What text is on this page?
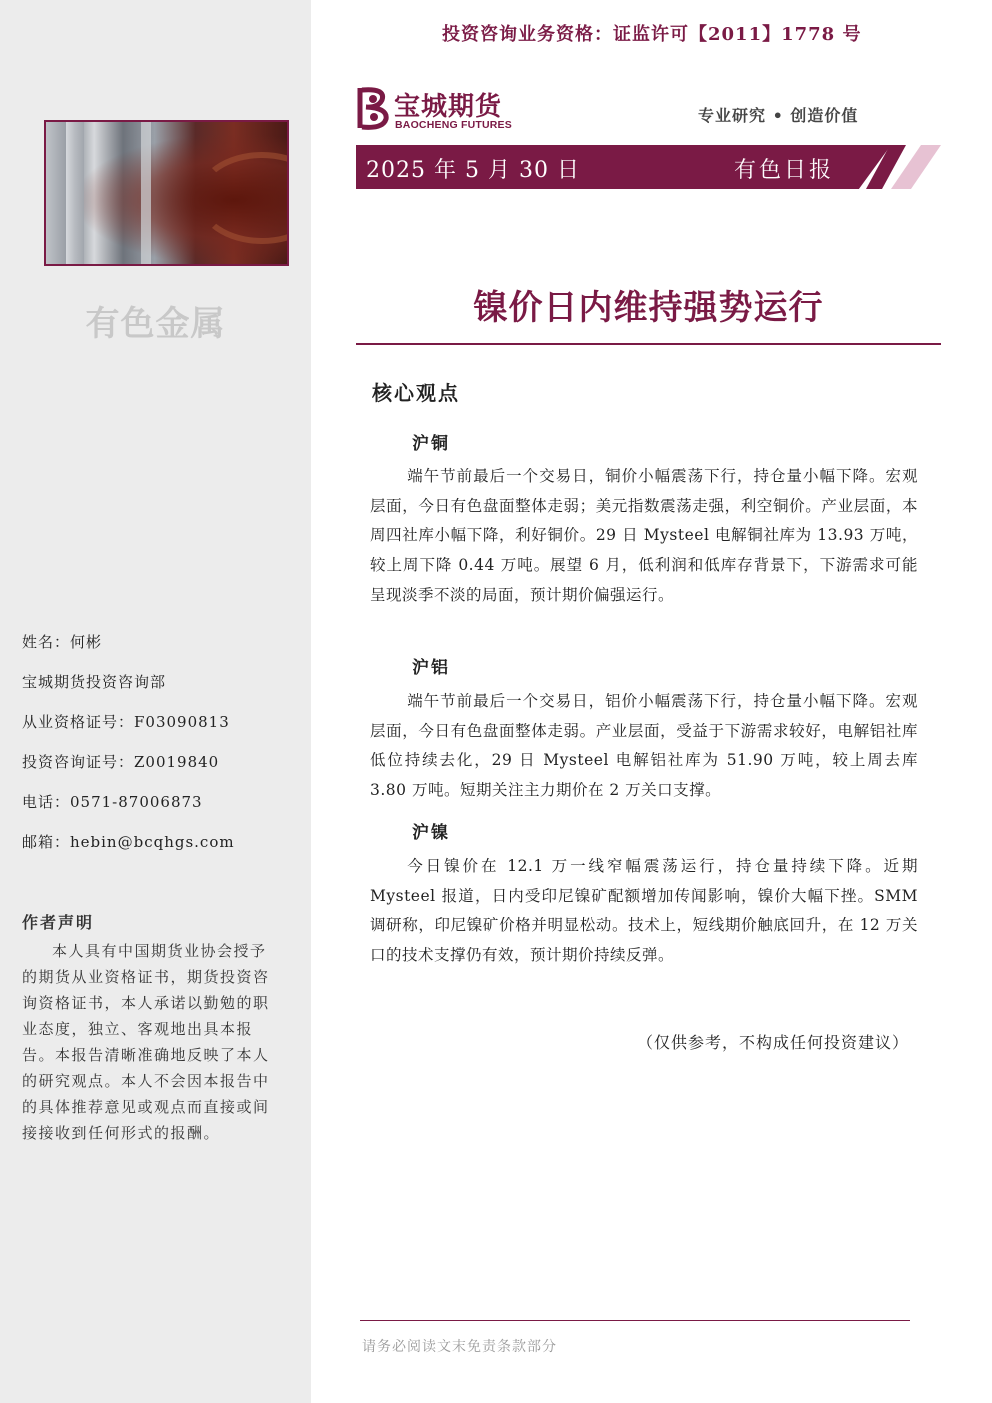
有色金属
姓名：何彬
宝城期货投资咨询部
从业资格证号：F03090813
投资咨询证号：Z0019840
电话：0571-87006873
邮箱：hebin@bcqhgs.com
作者声明
本人具有中国期货业协会授予的期货从业资格证书，期货投资咨询资格证书，本人承诺以勤勉的职业态度，独立、客观地出具本报告。本报告清晰准确地反映了本人的研究观点。本人不会因本报告中的具体推荐意见或观点而直接或间接接收到任何形式的报酬。
投资咨询业务资格：证监许可【2011】1778 号
宝城期货
BAOCHENG FUTURES	专业研究 • 创造价值
2025 年 5 月 30 日	有色日报
镍价日内维持强势运行
核心观点
沪铜
端午节前最后一个交易日，铜价小幅震荡下行，持仓量小幅下降。宏观层面，今日有色盘面整体走弱；美元指数震荡走强，利空铜价。产业层面，本周四社库小幅下降，利好铜价。29 日 Mysteel 电解铜社库为 13.93 万吨，较上周下降 0.44 万吨。展望 6 月，低利润和低库存背景下，下游需求可能呈现淡季不淡的局面，预计期价偏强运行。
沪铝
端午节前最后一个交易日，铝价小幅震荡下行，持仓量小幅下降。宏观层面，今日有色盘面整体走弱。产业层面，受益于下游需求较好，电解铝社库低位持续去化，29 日 Mysteel 电解铝社库为 51.90 万吨，较上周去库 3.80 万吨。短期关注主力期价在 2 万关口支撑。
沪镍
今日镍价在 12.1 万一线窄幅震荡运行，持仓量持续下降。近期 Mysteel 报道，日内受印尼镍矿配额增加传闻影响，镍价大幅下挫。SMM 调研称，印尼镍矿价格并明显松动。技术上，短线期价触底回升，在 12 万关口的技术支撑仍有效，预计期价持续反弹。
（仅供参考，不构成任何投资建议）
请务必阅读文末免责条款部分
